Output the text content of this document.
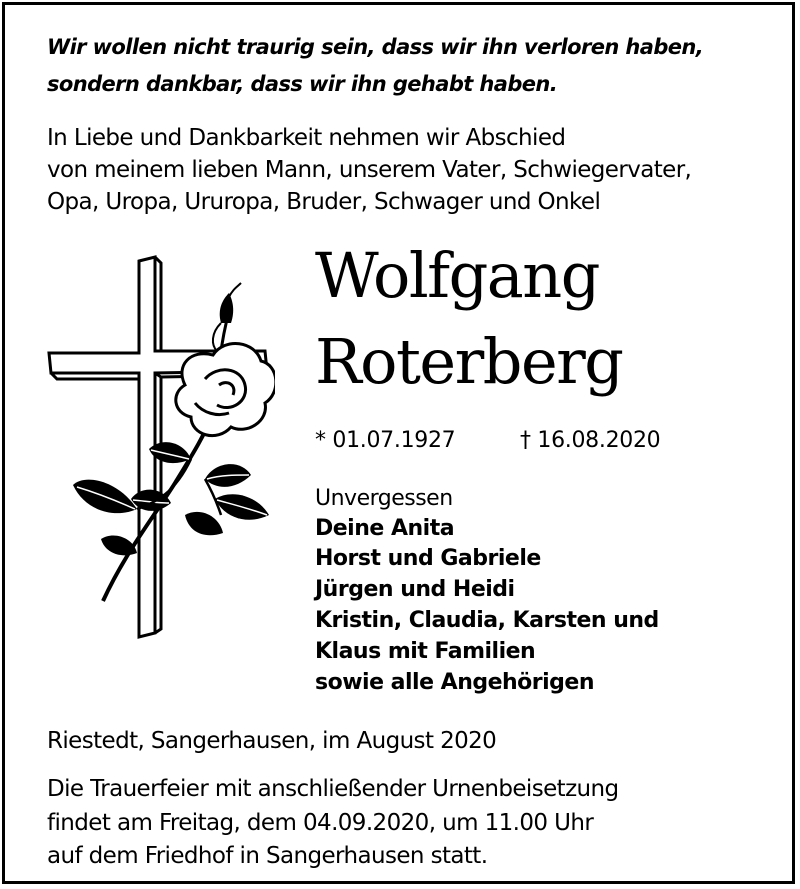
Wir wollen nicht traurig sein, dass wir ihn verloren haben,
sondern dankbar, dass wir ihn gehabt haben.
In Liebe und Dankbarkeit nehmen wir Abschied
von meinem lieben Mann, unserem Vater, Schwiegervater,
Opa, Uropa, Ururopa, Bruder, Schwager und Onkel
Wolfgang
Roterberg
* 01.07.1927	† 16.08.2020
Unvergessen
Deine Anita
Horst und Gabriele
Jürgen und Heidi
Kristin, Claudia, Karsten und
Klaus mit Familien
sowie alle Angehörigen
Riestedt, Sangerhausen, im August 2020
Die Trauerfeier mit anschließender Urnenbeisetzung
findet am Freitag, dem 04.09.2020, um 11.00 Uhr
auf dem Friedhof in Sangerhausen statt.
